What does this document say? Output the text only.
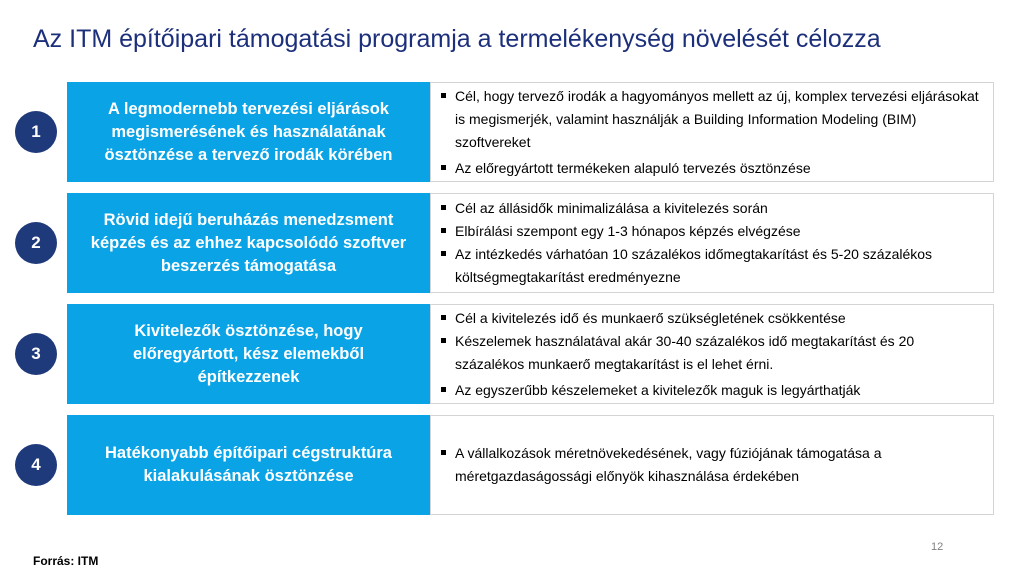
Az ITM építőipari támogatási programja a termelékenység növelését célozza
1
A legmodernebb tervezési eljárások megismerésének és használatának ösztönzése a tervező irodák körében
Cél, hogy tervező irodák a hagyományos mellett az új, komplex tervezési eljárásokat is megismerjék, valamint használják a Building Information Modeling (BIM) szoftvereket
Az előregyártott termékeken alapuló tervezés ösztönzése
2
Rövid idejű beruházás menedzsment képzés és az ehhez kapcsolódó szoftver beszerzés támogatása
Cél az állásidők minimalizálása a kivitelezés során
Elbírálási szempont egy 1-3 hónapos képzés elvégzése
Az intézkedés várhatóan 10 százalékos időmegtakarítást és 5-20 százalékos költségmegtakarítást eredményezne
3
Kivitelezők ösztönzése, hogy előregyártott, kész elemekből építkezzenek
Cél a kivitelezés idő és munkaerő szükségletének csökkentése
Készelemek használatával akár 30-40 százalékos idő megtakarítást és 20 százalékos munkaerő megtakarítást is el lehet érni.
Az egyszerűbb készelemeket a kivitelezők maguk is legyárthatják
4
Hatékonyabb építőipari cégstruktúra kialakulásának ösztönzése
A vállalkozások méretnövekedésének, vagy fúziójának támogatása a méretgazdaságossági előnyök kihasználása érdekében
12
Forrás: ITM
